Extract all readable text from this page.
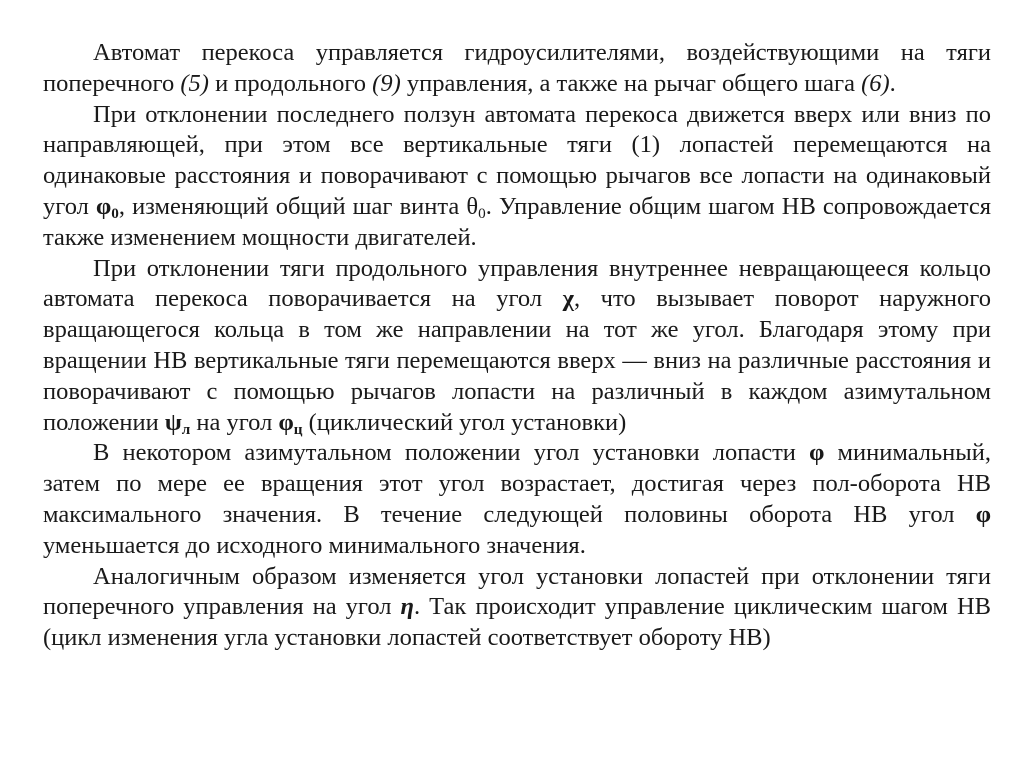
Автомат перекоса управляется гидроусилителями, воздействующими на тяги поперечного (5) и продольного (9) управления, а также на рычаг общего шага (6).

При отклонении последнего ползун автомата перекоса движется вверх или вниз по направляющей, при этом все вертикальные тяги (1) лопастей перемещаются на одинаковые расстояния и поворачивают с помощью рычагов все лопасти на одинаковый угол $\varphi_0$, изменяющий общий шаг винта $\theta_0$. Управление общим шагом НВ сопровождается также изменением мощности двигателей.

При отклонении тяги продольного управления внутреннее невращающееся кольцо автомата перекоса поворачивается на угол χ, что вызывает поворот наружного вращающегося кольца в том же направлении на тот же угол. Благодаря этому при вращении НВ вертикальные тяги перемещаются вверх — вниз на различные расстояния и поворачивают с помощью рычагов лопасти на различный в каждом азимутальном положении $\psi_л$ на угол $\varphi_ц$ (циклический угол установки)

В некотором азимутальном положении угол установки лопасти φ минимальный, затем по мере ее вращения этот угол возрастает, достигая через пол-оборота НВ максимального значения. В течение следующей половины оборота НВ угол φ уменьшается до исходного минимального значения.

Аналогичным образом изменяется угол установки лопастей при отклонении тяги поперечного управления на угол η. Так происходит управление циклическим шагом НВ (цикл изменения угла установки лопастей соответствует обороту НВ)
